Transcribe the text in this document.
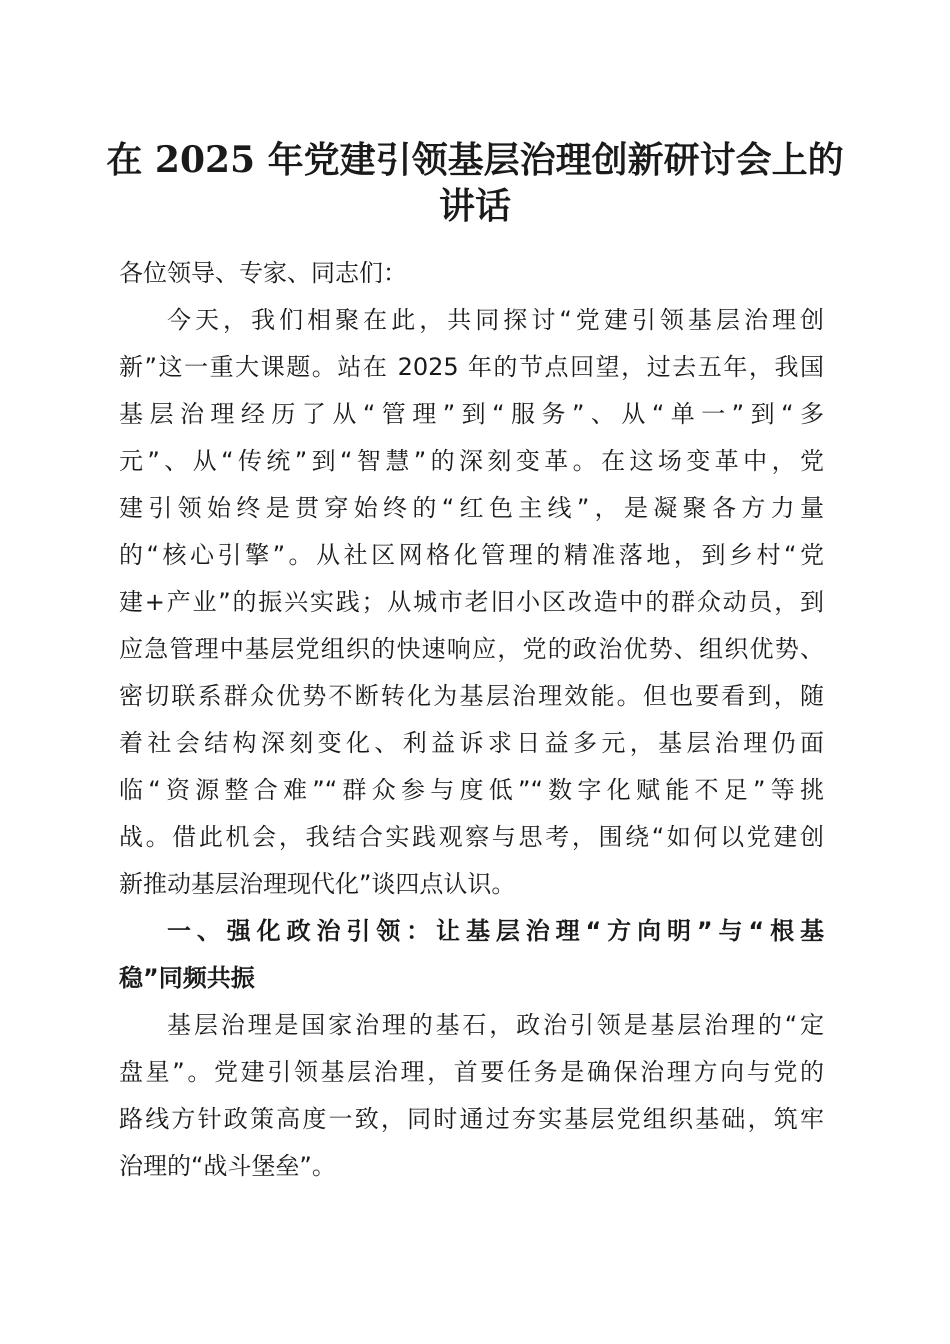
在 2025 年党建引领基层治理创新研讨会上的
讲话
各位领导、专家、同志们：
今天，我们相聚在此，共同探讨“党建引领基层治理创
新”这一重大课题。站在 2025 年的节点回望，过去五年，我国
基层治理经历了从“管理”到“服务”、从“单一”到“多
元”、从“传统”到“智慧”的深刻变革。在这场变革中，党
建引领始终是贯穿始终的“红色主线”，是凝聚各方力量
的“核心引擎”。从社区网格化管理的精准落地，到乡村“党
建+产业”的振兴实践；从城市老旧小区改造中的群众动员，到
应急管理中基层党组织的快速响应，党的政治优势、组织优势、
密切联系群众优势不断转化为基层治理效能。但也要看到，随
着社会结构深刻变化、利益诉求日益多元，基层治理仍面
临“资源整合难”“群众参与度低”“数字化赋能不足”等挑
战。借此机会，我结合实践观察与思考，围绕“如何以党建创
新推动基层治理现代化”谈四点认识。
一、强化政治引领：让基层治理“方向明”与“根基
稳”同频共振
基层治理是国家治理的基石，政治引领是基层治理的“定
盘星”。党建引领基层治理，首要任务是确保治理方向与党的
路线方针政策高度一致，同时通过夯实基层党组织基础，筑牢
治理的“战斗堡垒”。
